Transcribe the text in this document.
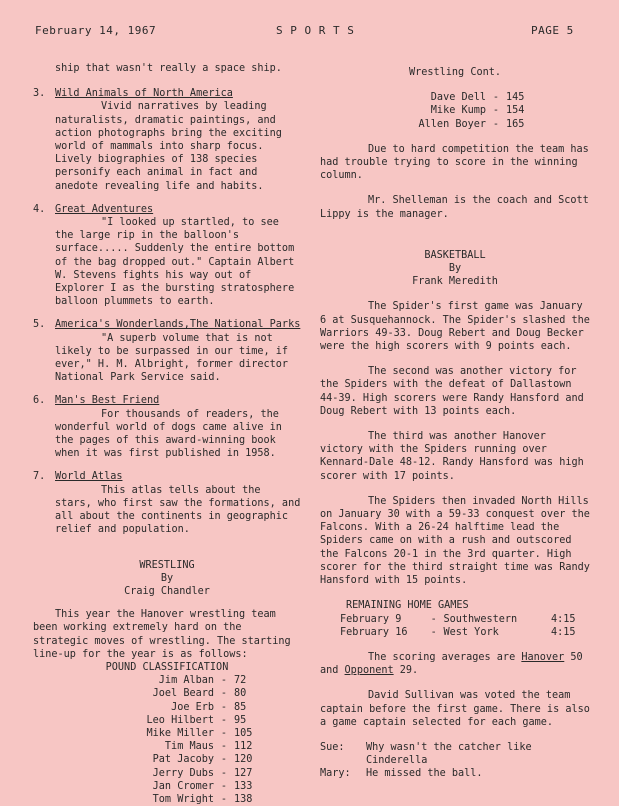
February 14, 1967	S P O R T S	PAGE 5

ship that wasn't really a space ship.

3. Wild Animals of North America

Vivid narratives by leading naturalists, dramatic paintings, and action photographs bring the exciting world of mammals into sharp focus. Lively biographies of 138 species personify each animal in fact and anedote revealing life and habits.

4. Great Adventures

"I looked up startled, to see the large rip in the balloon's surface..... Suddenly the entire bottom of the bag dropped out." Captain Albert W. Stevens fights his way out of Explorer I as the bursting stratosphere balloon plummets to earth.

5. America's Wonderlands,The National Parks

"A superb volume that is not likely to be surpassed in our time, if ever," H. M. Albright, former director National Park Service said.

6. Man's Best Friend

For thousands of readers, the wonderful world of dogs came alive in the pages of this award-winning book when it was first published in 1958.

7. World Atlas

This atlas tells about the stars, who first saw the formations, and all about the continents in geographic relief and population.

WRESTLING

By

Craig Chandler

This year the Hanover wrestling team been working extremely hard on the strategic moves of wrestling. The starting line-up for the year is as follows:

POUND CLASSIFICATION

Jim Alban - 72
Joel Beard - 80
Joe Erb - 85
Leo Hilbert - 95
Mike Miller - 105
Tim Maus - 112
Pat Jacoby - 120
Jerry Dubs - 127
Jan Cromer - 133
Tom Wright - 138

Wrestling Cont.

Dave Dell - 145
Mike Kump - 154
Allen Boyer - 165

Due to hard competition the team has had trouble trying to score in the winning column.

Mr. Shelleman is the coach and Scott Lippy is the manager.

BASKETBALL

By

Frank Meredith

The Spider's first game was January 6 at Susquehannock. The Spider's slashed the Warriors 49-33. Doug Rebert and Doug Becker were the high scorers with 9 points each.

The second was another victory for the Spiders with the defeat of Dallastown 44-39. High scorers were Randy Hansford and Doug Rebert with 13 points each.

The third was another Hanover victory with the Spiders running over Kennard-Dale 48-12. Randy Hansford was high scorer with 17 points.

The Spiders then invaded North Hills on January 30 with a 59-33 conquest over the Falcons. With a 26-24 halftime lead the Spiders came on with a rush and outscored the Falcons 20-1 in the 3rd quarter. High scorer for the third straight time was Randy Hansford with 15 points.

REMAINING HOME GAMES

February 9	- Southwestern	4:15
February 16	- West York	4:15

The scoring averages are Hanover 50 and Opponent 29.

David Sullivan was voted the team captain before the first game. There is also a game captain selected for each game.

Sue:	Why wasn't the catcher like Cinderella
Mary:	He missed the ball.
